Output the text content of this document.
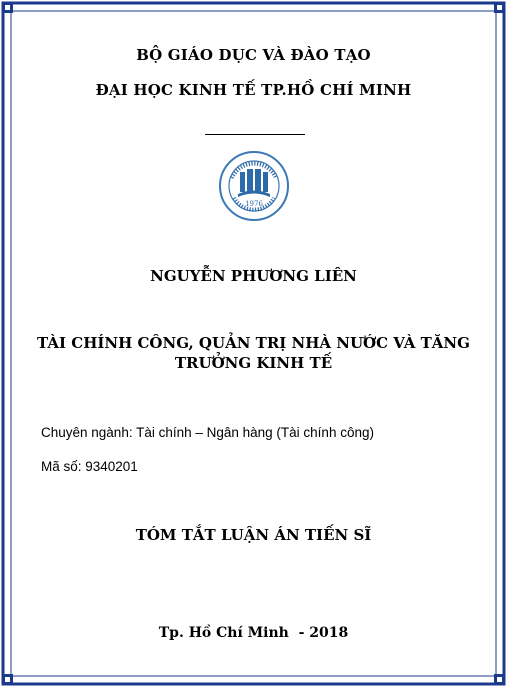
BỘ GIÁO DỤC VÀ ĐÀO TẠO
ĐẠI HỌC KINH TẾ TP.HỒ CHÍ MINH
1976
NGUYỄN PHƯƠNG LIÊN
TÀI CHÍNH CÔNG, QUẢN TRỊ NHÀ NƯỚC VÀ TĂNG
TRƯỞNG KINH TẾ
Chuyên ngành: Tài chính – Ngân hàng (Tài chính công)
Mã số: 9340201
TÓM TẮT LUẬN ÁN TIẾN SĨ
Tp. Hồ Chí Minh  - 2018
